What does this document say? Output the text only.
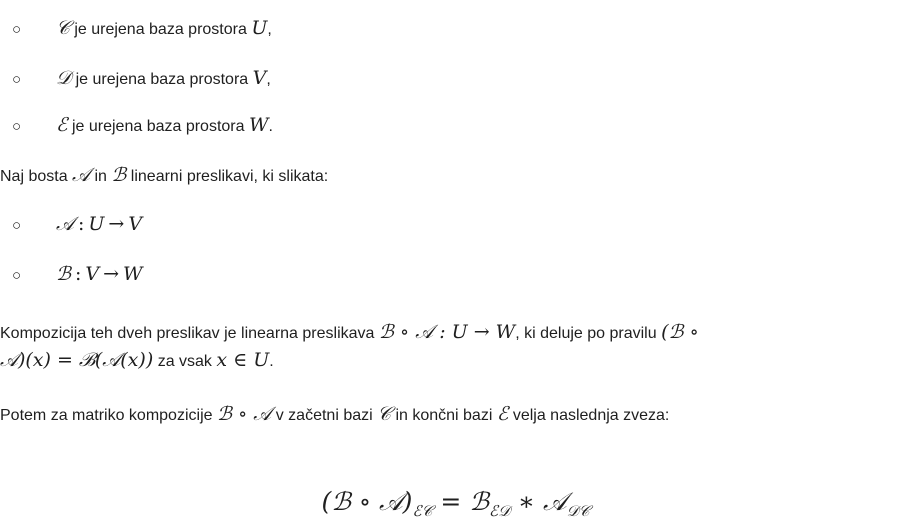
○ 𝒞 je urejena baza prostora U,
○ 𝒟 je urejena baza prostora V,
○ ℰ je urejena baza prostora W.
Naj bosta 𝒜 in ℬ linearni preslikavi, ki slikata:
○ 𝒜 : U → V
○ ℬ : V → W
Kompozicija teh dveh preslikav je linearna preslikava ℬ ∘ 𝒜 : U → W, ki deluje po pravilu (ℬ ∘
𝒜)(x) = ℬ(𝒜(x)) za vsak x ∈ U.
Potem za matriko kompozicije ℬ ∘ 𝒜 v začetni bazi 𝒞 in končni bazi ℰ velja naslednja zveza:
(ℬ ∘ $𝒜)_{ℰ𝒞}$ = ℬ$_{ℰ𝒟}$ ∗ 𝒜$_{𝒟𝒞}$
